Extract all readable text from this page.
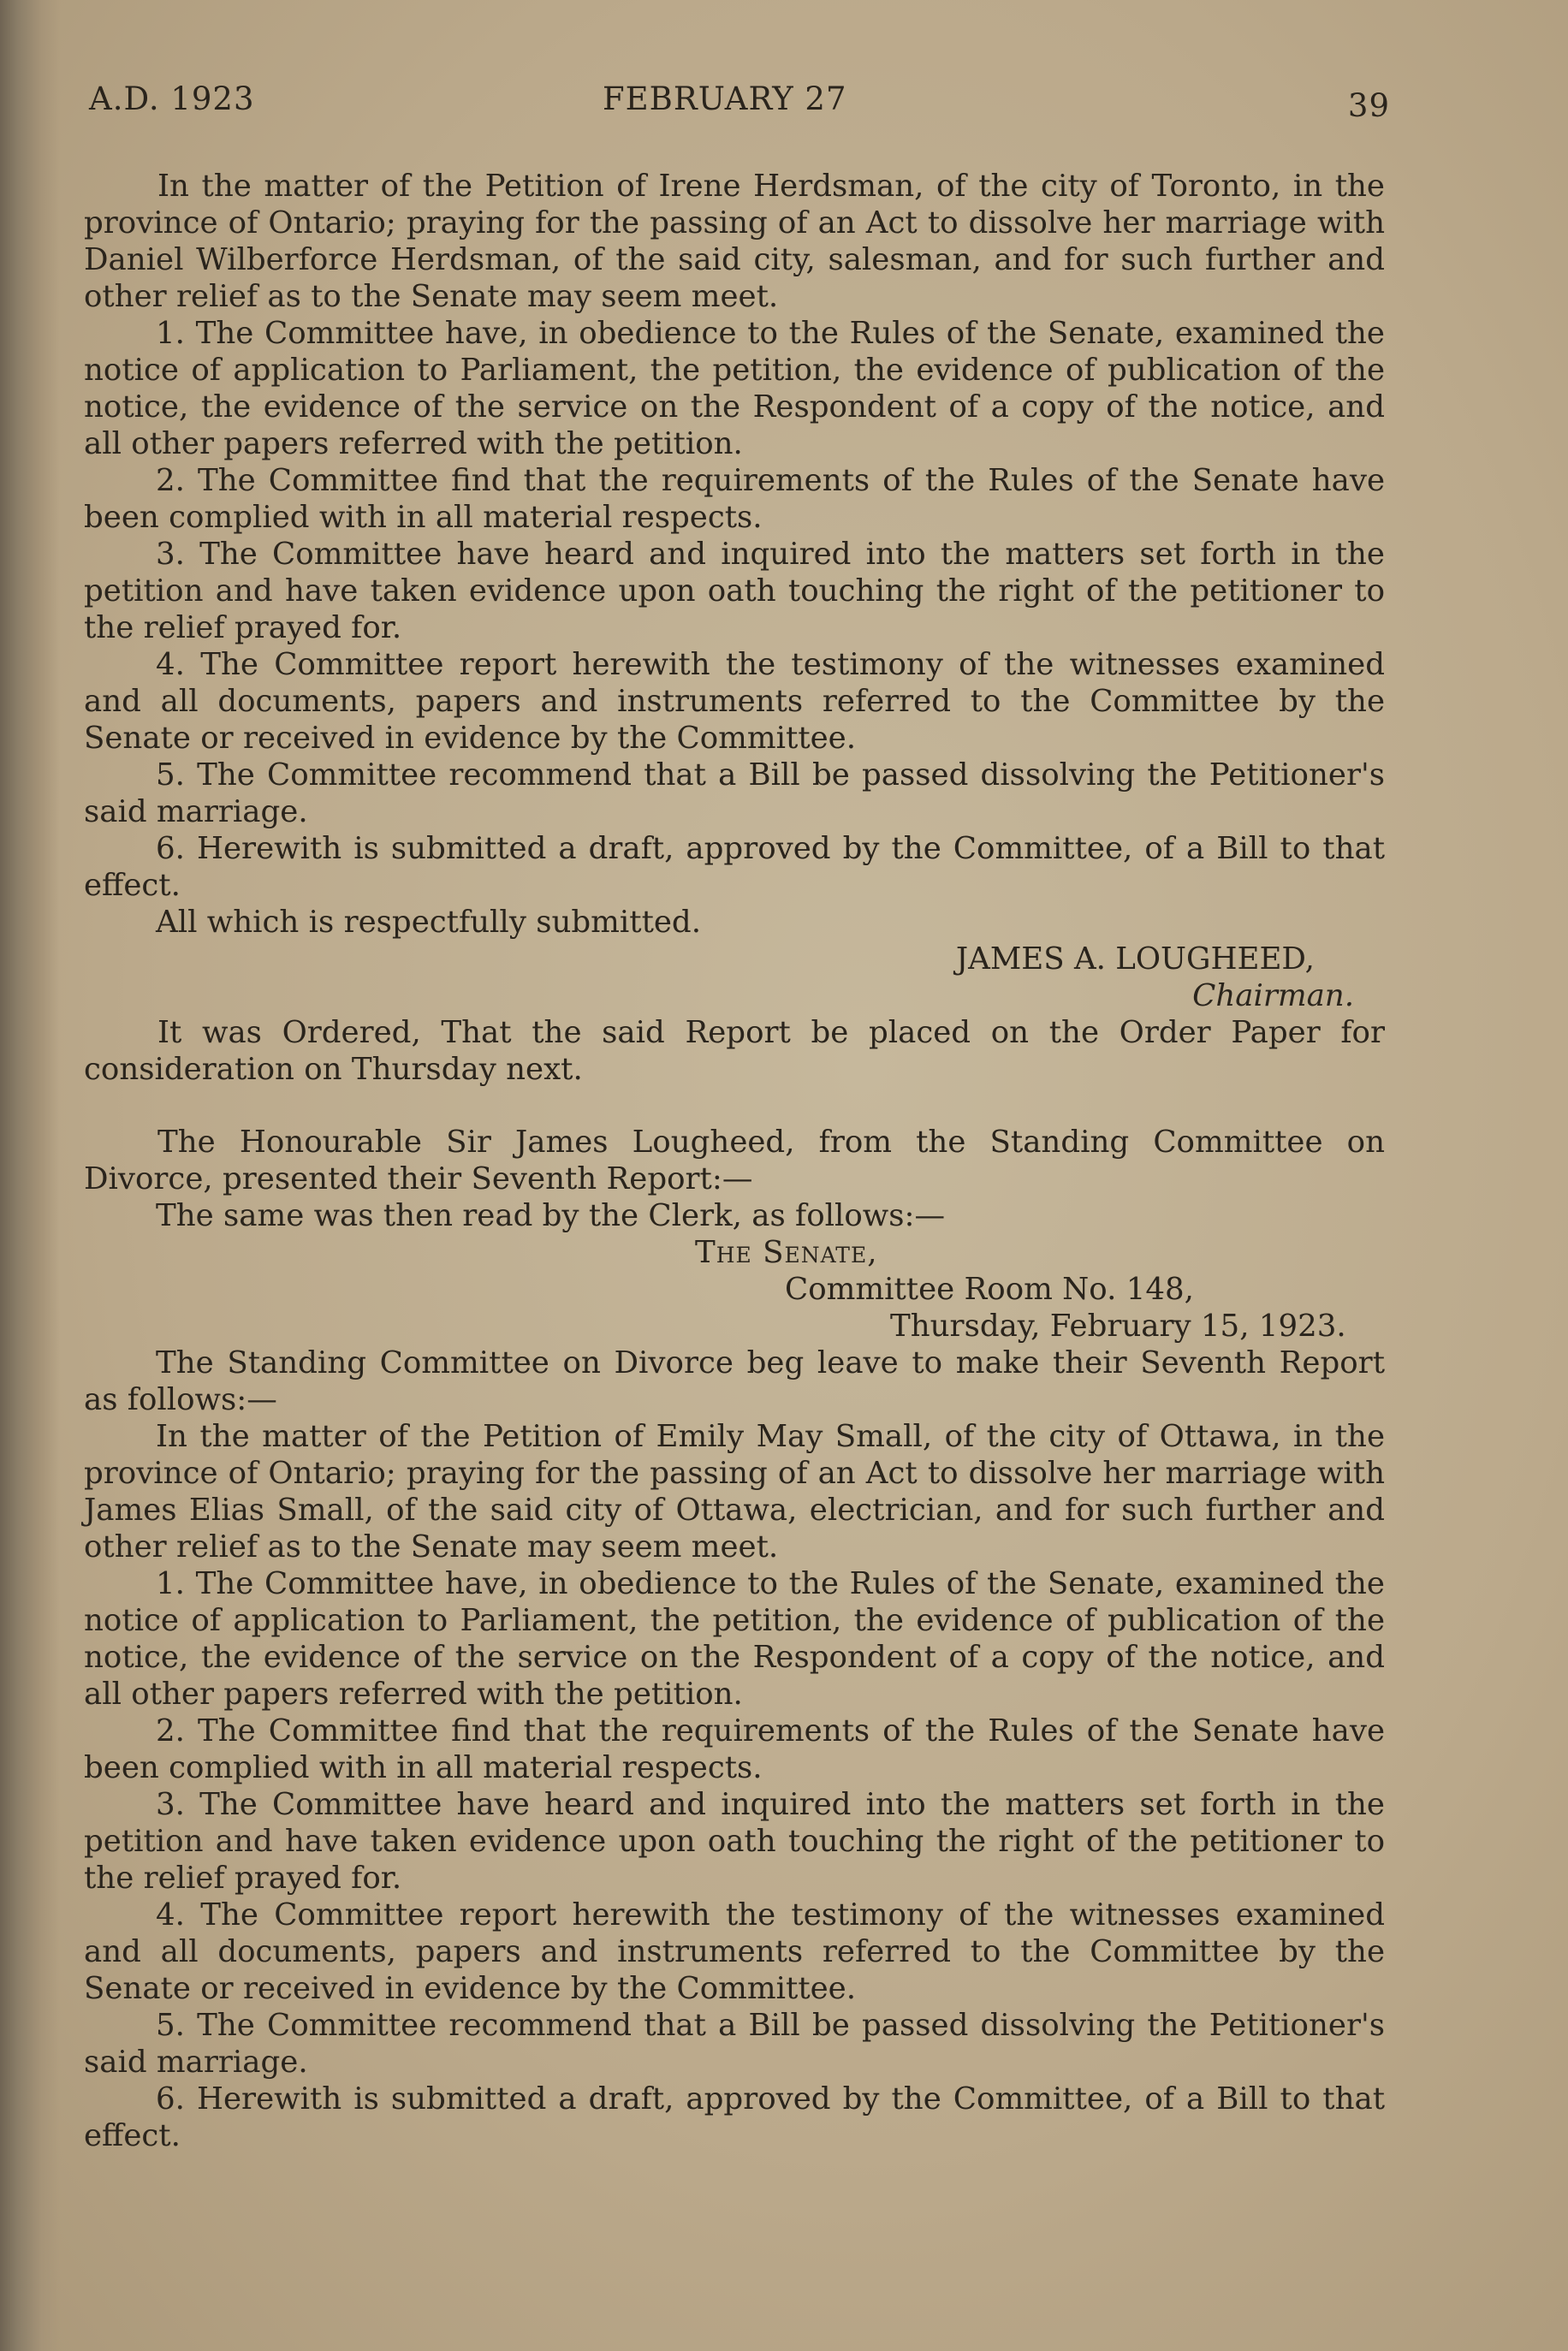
A.D. 1923	FEBRUARY 27	39

In the matter of the Petition of Irene Herdsman, of the city of Toronto, in the province of Ontario; praying for the passing of an Act to dissolve her marriage with Daniel Wilberforce Herdsman, of the said city, salesman, and for such further and other relief as to the Senate may seem meet.

1. The Committee have, in obedience to the Rules of the Senate, examined the notice of application to Parliament, the petition, the evidence of publication of the notice, the evidence of the service on the Respondent of a copy of the notice, and all other papers referred with the petition.

2. The Committee find that the requirements of the Rules of the Senate have been complied with in all material respects.

3. The Committee have heard and inquired into the matters set forth in the petition and have taken evidence upon oath touching the right of the petitioner to the relief prayed for.

4. The Committee report herewith the testimony of the witnesses examined and all documents, papers and instruments referred to the Committee by the Senate or received in evidence by the Committee.

5. The Committee recommend that a Bill be passed dissolving the Petitioner's said marriage.

6. Herewith is submitted a draft, approved by the Committee, of a Bill to that effect.

All which is respectfully submitted.

JAMES A. LOUGHEED,

Chairman.

It was Ordered, That the said Report be placed on the Order Paper for consideration on Thursday next.

The Honourable Sir James Lougheed, from the Standing Committee on Divorce, presented their Seventh Report:—

The same was then read by the Clerk, as follows:—

The Senate,

Committee Room No. 148,

Thursday, February 15, 1923.

The Standing Committee on Divorce beg leave to make their Seventh Report as follows:—

In the matter of the Petition of Emily May Small, of the city of Ottawa, in the province of Ontario; praying for the passing of an Act to dissolve her marriage with James Elias Small, of the said city of Ottawa, electrician, and for such further and other relief as to the Senate may seem meet.

1. The Committee have, in obedience to the Rules of the Senate, examined the notice of application to Parliament, the petition, the evidence of publication of the notice, the evidence of the service on the Respondent of a copy of the notice, and all other papers referred with the petition.

2. The Committee find that the requirements of the Rules of the Senate have been complied with in all material respects.

3. The Committee have heard and inquired into the matters set forth in the petition and have taken evidence upon oath touching the right of the petitioner to the relief prayed for.

4. The Committee report herewith the testimony of the witnesses examined and all documents, papers and instruments referred to the Committee by the Senate or received in evidence by the Committee.

5. The Committee recommend that a Bill be passed dissolving the Petitioner's said marriage.

6. Herewith is submitted a draft, approved by the Committee, of a Bill to that effect.
